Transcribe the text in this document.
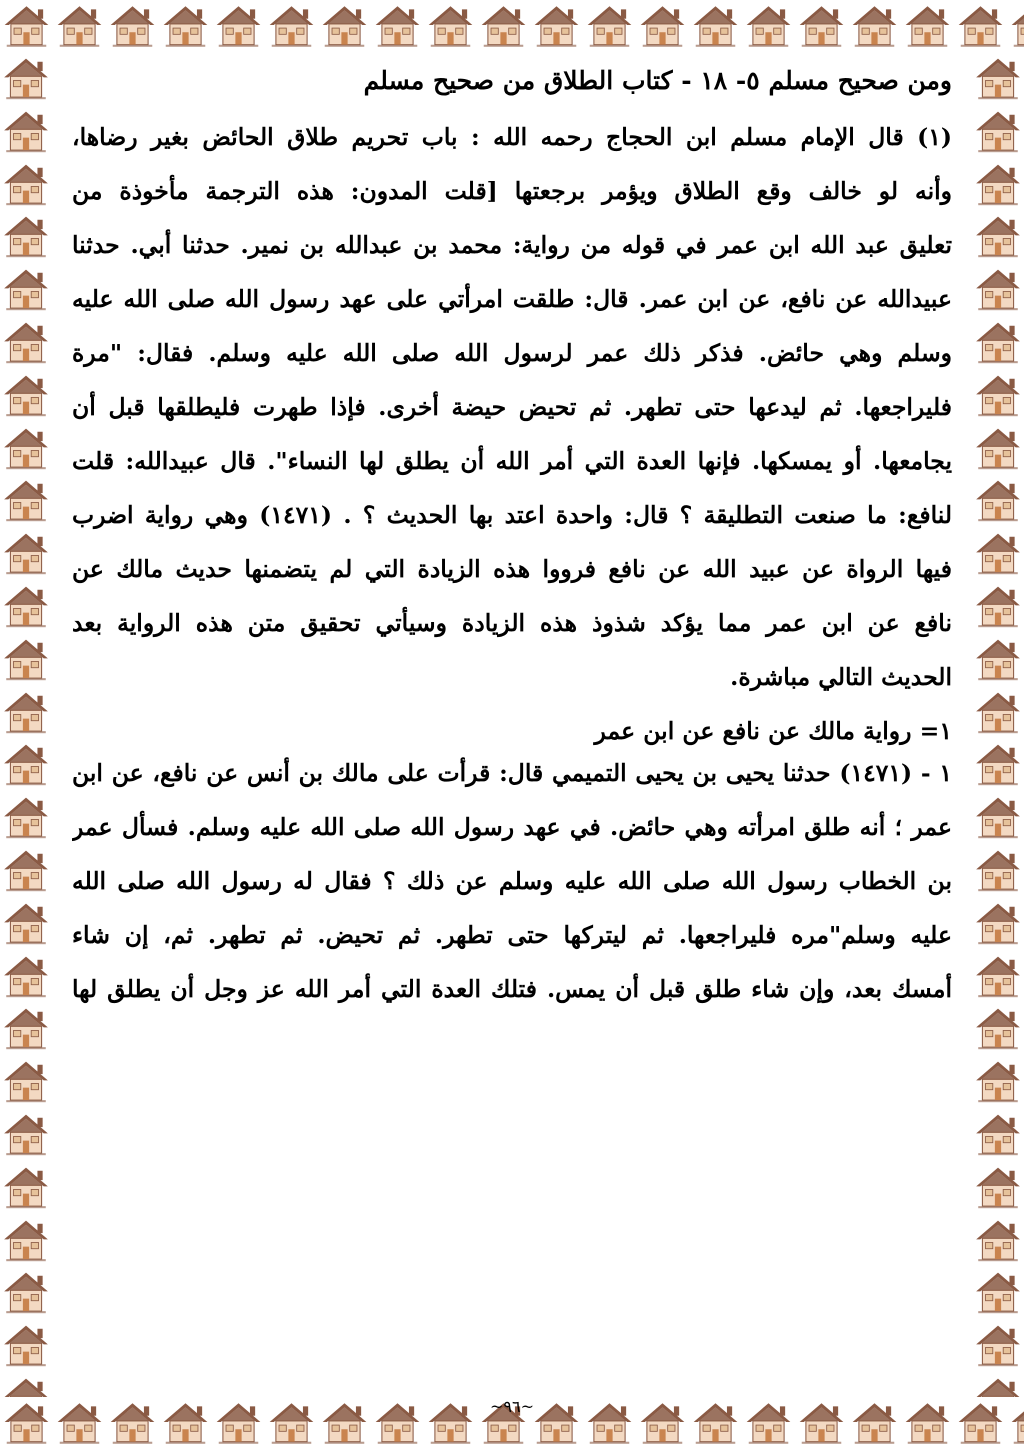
ومن صحيح مسلم ٥- ١٨ - كتاب الطلاق من صحيح مسلم
(١) قال الإمام مسلم ابن الحجاج رحمه الله : باب تحريم طلاق الحائض بغير رضاها،
وأنه لو خالف وقع الطلاق ويؤمر برجعتها [قلت المدون: هذه الترجمة مأخوذة من
تعليق عبد الله ابن عمر في قوله من رواية: محمد بن عبدالله بن نمير. حدثنا أبي. حدثنا
عبيدالله عن نافع، عن ابن عمر. قال: طلقت امرأتي على عهد رسول الله صلى الله عليه
وسلم وهي حائض. فذكر ذلك عمر لرسول الله صلى الله عليه وسلم. فقال: "مرة
فليراجعها. ثم ليدعها حتى تطهر. ثم تحيض حيضة أخرى. فإذا طهرت فليطلقها قبل أن
يجامعها. أو يمسكها. فإنها العدة التي أمر الله أن يطلق لها النساء". قال عبيدالله: قلت
لنافع: ما صنعت التطليقة ؟ قال: واحدة اعتد بها الحديث ؟ . (١٤٧١) وهي رواية اضرب
فيها الرواة عن عبيد الله عن نافع فرووا هذه الزيادة التي لم يتضمنها حديث مالك عن
نافع عن ابن عمر مما يؤكد شذوذ هذه الزيادة وسيأتي تحقيق متن هذه الرواية بعد
الحديث التالي مباشرة.
١= رواية مالك عن نافع عن ابن عمر
١ - (١٤٧١) حدثنا يحيى بن يحيى التميمي قال: قرأت على مالك بن أنس عن نافع، عن ابن
عمر ؛ أنه طلق امرأته وهي حائض. في عهد رسول الله صلى الله عليه وسلم. فسأل عمر
بن الخطاب رسول الله صلى الله عليه وسلم عن ذلك ؟ فقال له رسول الله صلى الله
عليه وسلم"مره فليراجعها. ثم ليتركها حتى تطهر. ثم تحيض. ثم تطهر. ثم، إن شاء
أمسك بعد، وإن شاء طلق قبل أن يمس. فتلك العدة التي أمر الله عز وجل أن يطلق لها
~٩٦~
